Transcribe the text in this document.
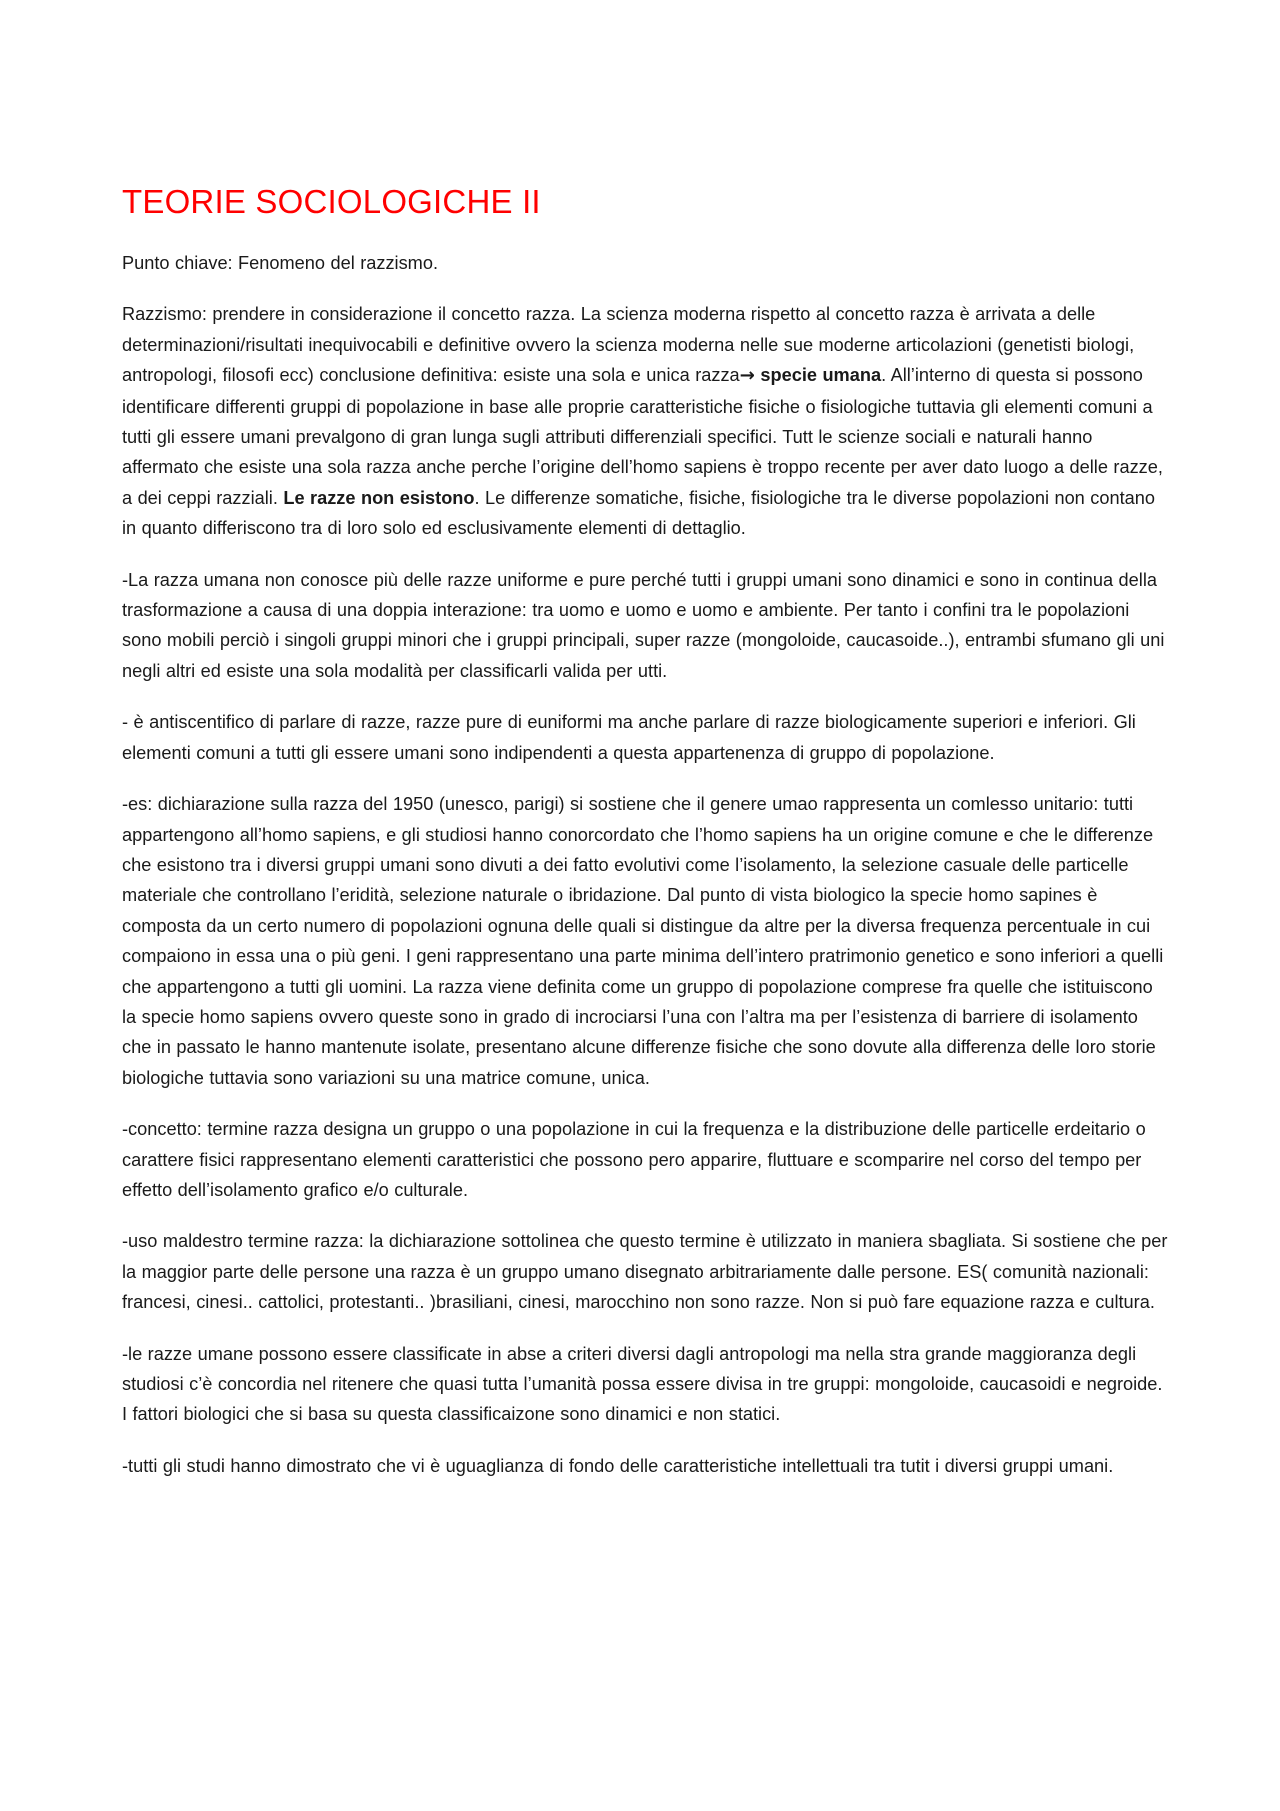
TEORIE SOCIOLOGICHE II

Punto chiave: Fenomeno del razzismo.

Razzismo: prendere in considerazione il concetto razza. La scienza moderna rispetto al concetto razza è arrivata a delle determinazioni/risultati inequivocabili e definitive ovvero la scienza moderna nelle sue moderne articolazioni (genetisti biologi, antropologi, filosofi ecc) conclusione definitiva: esiste una sola e unica razza→ specie umana. All’interno di questa si possono identificare differenti gruppi di popolazione in base alle proprie caratteristiche fisiche o fisiologiche tuttavia gli elementi comuni a tutti gli essere umani prevalgono di gran lunga sugli attributi differenziali specifici. Tutt le scienze sociali e naturali hanno affermato che esiste una sola razza anche perche l’origine dell’homo sapiens è troppo recente per aver dato luogo a delle razze, a dei ceppi razziali. Le razze non esistono. Le differenze somatiche, fisiche, fisiologiche tra le diverse popolazioni non contano in quanto differiscono tra di loro solo ed esclusivamente elementi di dettaglio.

-La razza umana non conosce più delle razze uniforme e pure perché tutti i gruppi umani sono dinamici e sono in continua della trasformazione a causa di una doppia interazione: tra uomo e uomo e uomo e ambiente. Per tanto i confini tra le popolazioni sono mobili perciò i singoli gruppi minori che i gruppi principali, super razze (mongoloide, caucasoide..), entrambi sfumano gli uni negli altri ed esiste una sola modalità per classificarli valida per utti.

- è antiscentifico di parlare di razze, razze pure di euniformi ma anche parlare di razze biologicamente superiori e inferiori. Gli elementi comuni a tutti gli essere umani sono indipendenti a questa appartenenza di gruppo di popolazione.

-es: dichiarazione sulla razza del 1950 (unesco, parigi) si sostiene che il genere umao rappresenta un comlesso unitario: tutti appartengono all’homo sapiens, e gli studiosi hanno conorcordato che l’homo sapiens ha un origine comune e che le differenze che esistono tra i diversi gruppi umani sono divuti a dei fatto evolutivi come l’isolamento, la selezione casuale delle particelle materiale che controllano l’eridità, selezione naturale o ibridazione. Dal punto di vista biologico la specie homo sapines è composta da un certo numero di popolazioni ognuna delle quali si distingue da altre per la diversa frequenza percentuale in cui compaiono in essa una o più geni. I geni rappresentano una parte minima dell’intero pratrimonio genetico e sono inferiori a quelli che appartengono a tutti gli uomini. La razza viene definita come un gruppo di popolazione comprese fra quelle che istituiscono la specie homo sapiens ovvero queste sono in grado di incrociarsi l’una con l’altra ma per l’esistenza di barriere di isolamento che in passato le hanno mantenute isolate, presentano alcune differenze fisiche che sono dovute alla differenza delle loro storie biologiche tuttavia sono variazioni su una matrice comune, unica.

-concetto: termine razza designa un gruppo o una popolazione in cui la frequenza e la distribuzione delle particelle erdeitario o carattere fisici rappresentano elementi caratteristici che possono pero apparire, fluttuare e scomparire nel corso del tempo per effetto dell’isolamento grafico e/o culturale.

-uso maldestro termine razza: la dichiarazione sottolinea che questo termine è utilizzato in maniera sbagliata. Si sostiene che per la maggior parte delle persone una razza è un gruppo umano disegnato arbitrariamente dalle persone. ES( comunità nazionali: francesi, cinesi.. cattolici, protestanti.. )brasiliani, cinesi, marocchino non sono razze. Non si può fare equazione razza e cultura.

-le razze umane possono essere classificate in abse a criteri diversi dagli antropologi ma nella stra grande maggioranza degli studiosi c’è concordia nel ritenere che quasi tutta l’umanità possa essere divisa in tre gruppi: mongoloide, caucasoidi e negroide. I fattori biologici che si basa su questa classificaizone sono dinamici e non statici.

-tutti gli studi hanno dimostrato che vi è uguaglianza di fondo delle caratteristiche intellettuali tra tutit i diversi gruppi umani.
